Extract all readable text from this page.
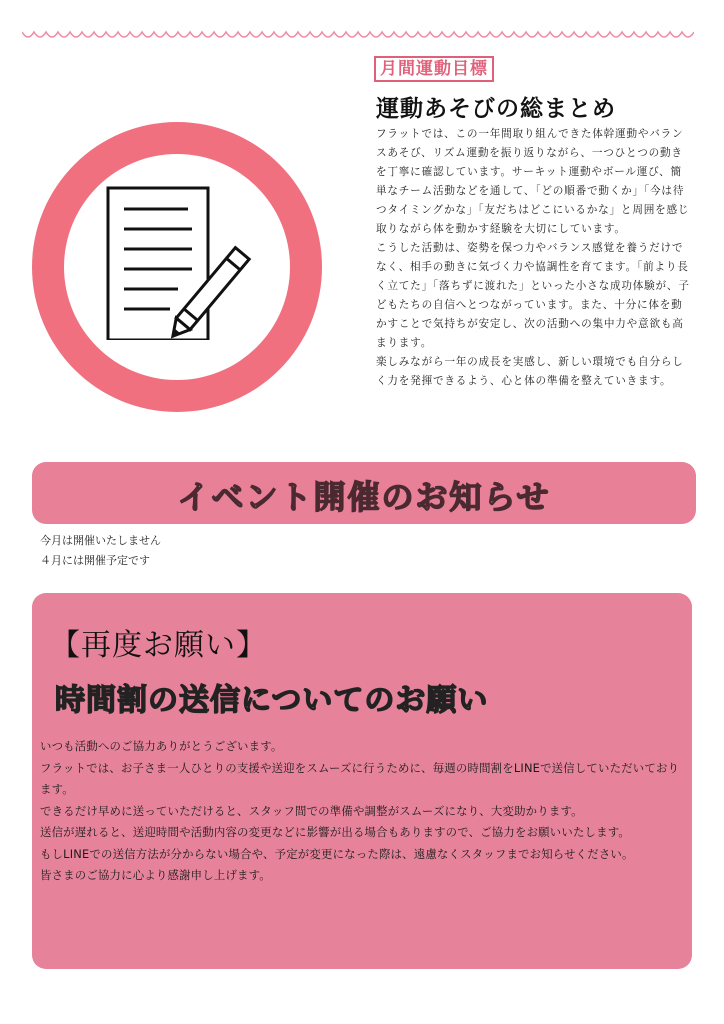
月間運動目標
運動あそびの総まとめ

フラットでは、この一年間取り組んできた体幹運動やバランスあそび、リズム運動を振り返りながら、一つひとつの動きを丁寧に確認しています。サーキット運動やボール運び、簡単なチーム活動などを通して、「どの順番で動くか」「今は待つタイミングかな」「友だちはどこにいるかな」と周囲を感じ取りながら体を動かす経験を大切にしています。

こうした活動は、姿勢を保つ力やバランス感覚を養うだけでなく、相手の動きに気づく力や協調性を育てます。「前より長く立てた」「落ちずに渡れた」といった小さな成功体験が、子どもたちの自信へとつながっています。また、十分に体を動かすことで気持ちが安定し、次の活動への集中力や意欲も高まります。

楽しみながら一年の成長を実感し、新しい環境でも自分らしく力を発揮できるよう、心と体の準備を整えていきます。

イベント開催のお知らせ
今月は開催いたしません
４月には開催予定です
【再度お願い】
時間割の送信についてのお願い

いつも活動へのご協力ありがとうございます。

フラットでは、お子さま一人ひとりの支援や送迎をスムーズに行うために、毎週の時間割をLINEで送信していただいております。

できるだけ早めに送っていただけると、スタッフ間での準備や調整がスムーズになり、大変助かります。

送信が遅れると、送迎時間や活動内容の変更などに影響が出る場合もありますので、ご協力をお願いいたします。

もしLINEでの送信方法が分からない場合や、予定が変更になった際は、遠慮なくスタッフまでお知らせください。

皆さまのご協力に心より感謝申し上げます。
